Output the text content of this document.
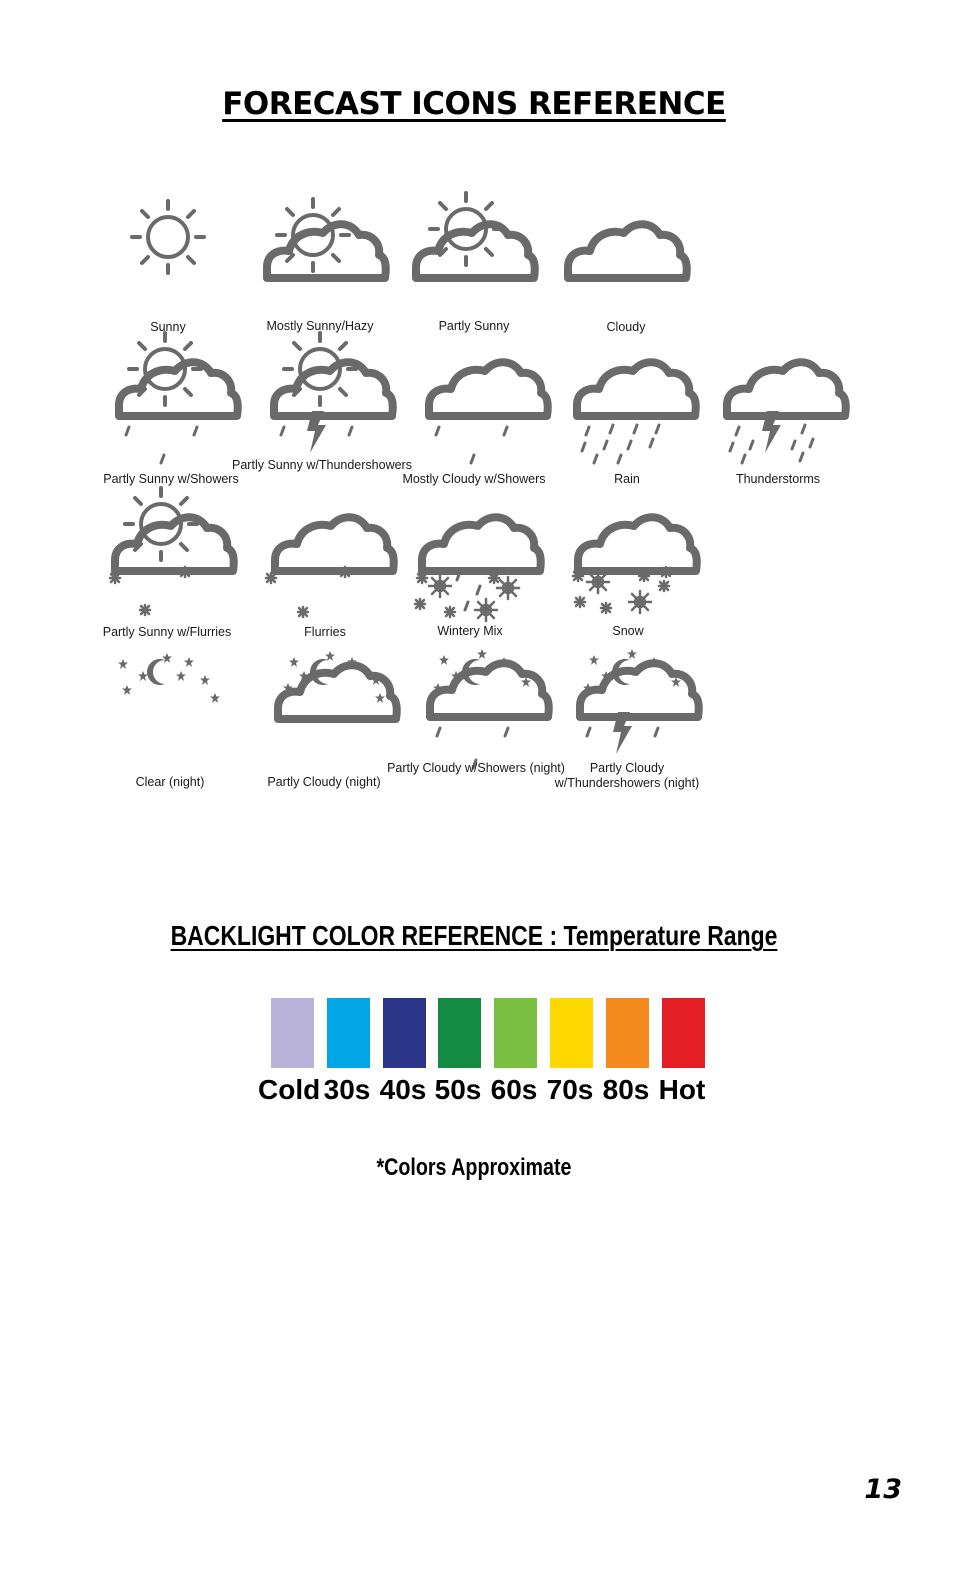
FORECAST ICONS REFERENCE
Sunny	Mostly Sunny/Hazy	Partly Sunny	Cloudy
Partly Sunny w/Showers
Partly Sunny w/Thundershowers
Mostly Cloudy w/Showers	Rain	Thunderstorms
Partly Sunny w/Flurries	Flurries	Wintery Mix	Snow
Clear (night)	Partly Cloudy (night)
Partly Cloudy w/Showers (night)	Partly Cloudy w/Thundershowers (night)
BACKLIGHT COLOR REFERENCE : Temperature Range
Cold 30s 40s 50s 60s 70s 80s Hot
*Colors Approximate
13
